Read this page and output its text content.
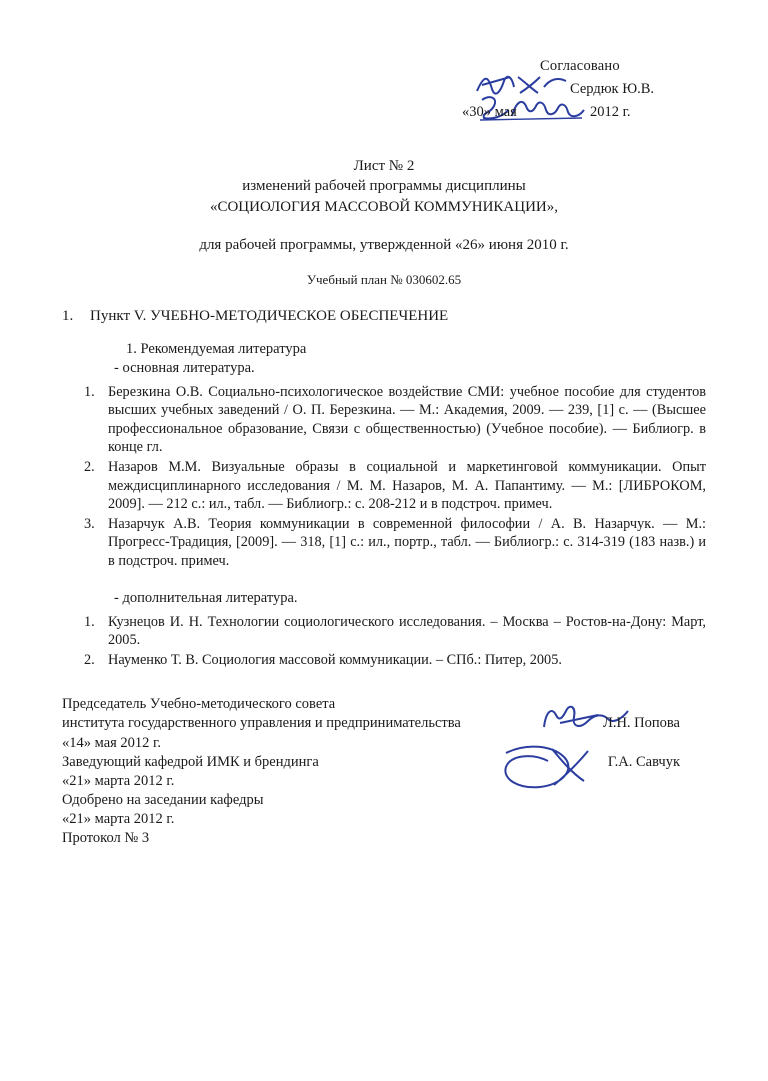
Согласовано
Сердюк Ю.В.
«30» мая	2012 г.
Лист № 2
изменений рабочей программы дисциплины
«СОЦИОЛОГИЯ МАССОВОЙ КОММУНИКАЦИИ»,
для рабочей программы, утвержденной «26» июня 2010 г.
Учебный план № 030602.65
1.	Пункт V. УЧЕБНО-МЕТОДИЧЕСКОЕ ОБЕСПЕЧЕНИЕ
1. Рекомендуемая литература
- основная литература.
1. Березкина О.В. Социально-психологическое воздействие СМИ: учебное пособие для студентов высших учебных заведений / О. П. Березкина. — М.: Академия, 2009. — 239, [1] с. — (Высшее профессиональное образование, Связи с общественностью) (Учебное пособие). — Библиогр. в конце гл.
2. Назаров М.М. Визуальные образы в социальной и маркетинговой коммуникации. Опыт междисциплинарного исследования / М. М. Назаров, М. А. Папантиму. — М.: [ЛИБРОКОМ, 2009]. — 212 с.: ил., табл. — Библиогр.: с. 208-212 и в подстроч. примеч.
3. Назарчук А.В. Теория коммуникации в современной философии / А. В. Назарчук. — М.: Прогресс-Традиция, [2009]. — 318, [1] с.: ил., портр., табл. — Библиогр.: с. 314-319 (183 назв.) и в подстроч. примеч.
- дополнительная литература.
1. Кузнецов И. Н. Технологии социологического исследования. – Москва – Ростов-на-Дону: Март, 2005.
2. Науменко Т. В. Социология массовой коммуникации. – СПб.: Питер, 2005.
Председатель Учебно-методического совета
института государственного управления и предпринимательства	Л.Н. Попова
«14» мая 2012 г.
Заведующий кафедрой ИМК и брендинга	Г.А. Савчук
«21» марта 2012 г.
Одобрено на заседании кафедры
«21» марта 2012 г.
Протокол № 3
